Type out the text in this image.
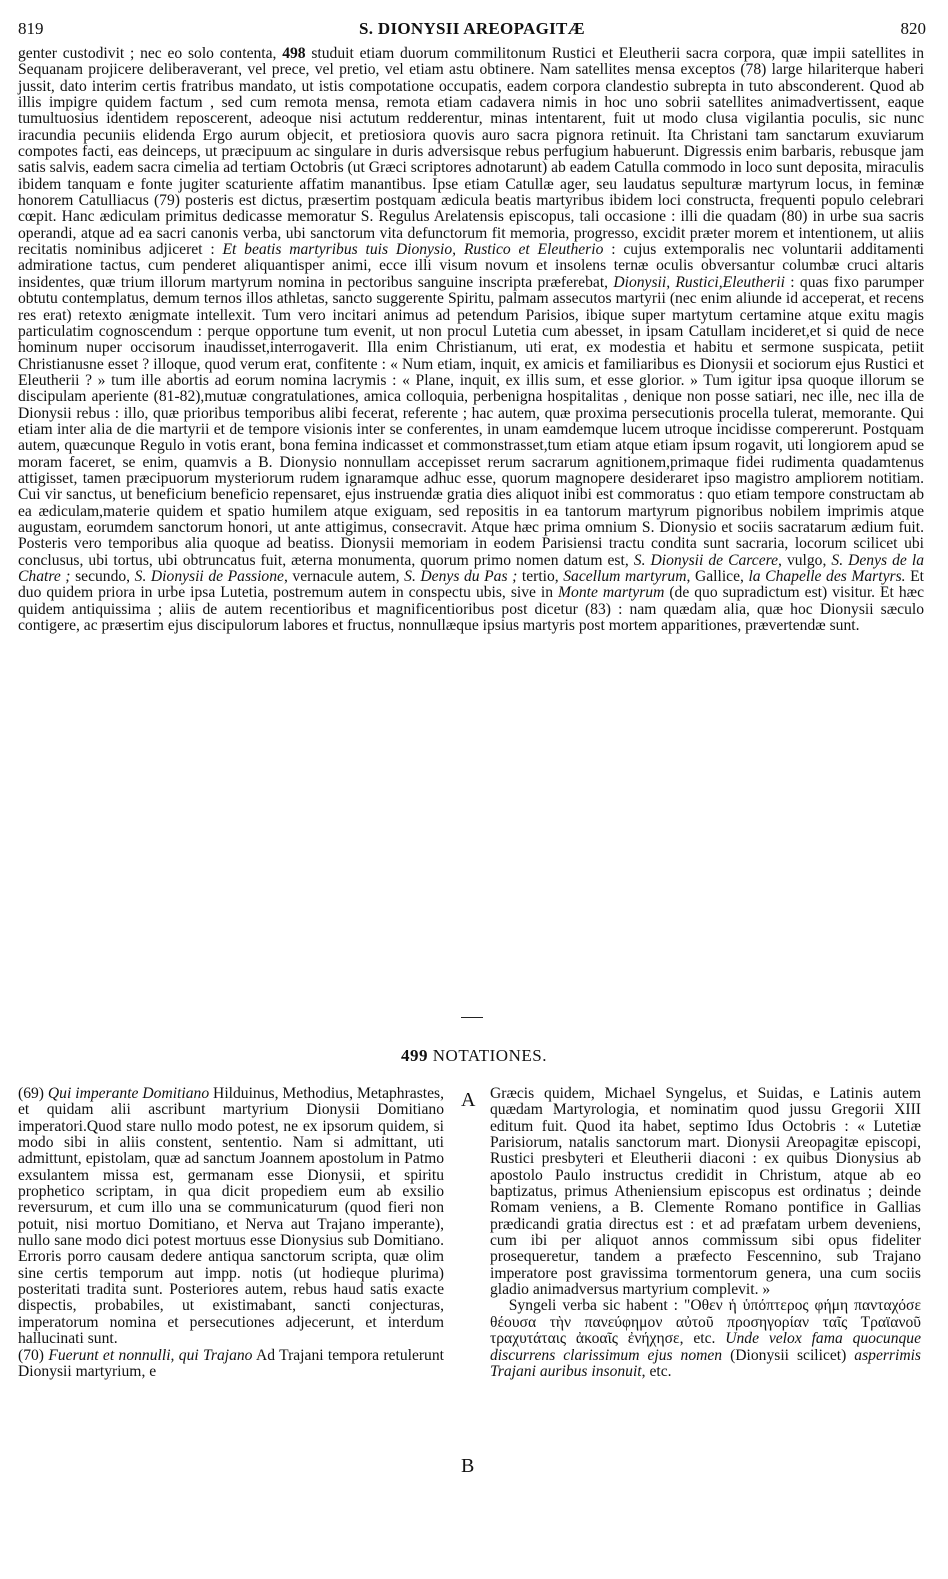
819	S. DIONYSII AREOPAGITÆ	820

genter custodivit ; nec eo solo contenta, 498 studuit etiam duorum commilitonum Rustici et Eleutherii sacra corpora, quæ impii satellites in Sequanam projicere deliberaverant, vel prece, vel pretio, vel etiam astu obtinere. Nam satellites mensa exceptos (78) large hilariterque haberi jussit, dato interim certis fratribus mandato, ut istis compotatione occupatis, eadem corpora clandestio subrepta in tuto absconderent. Quod ab illis impigre quidem factum , sed cum remota mensa, remota etiam cadavera nimis in hoc uno sobrii satellites animadvertissent, eaque tumultuosius identidem reposcerent, adeoque nisi actutum redderentur, minas intentarent, fuit ut modo clusa vigilantia poculis, sic nunc iracundia pecuniis elidenda Ergo aurum objecit, et pretiosiora quovis auro sacra pignora retinuit. Ita Christani tam sanctarum exuviarum compotes facti, eas deinceps, ut præcipuum ac singulare in duris adversisque rebus perfugium habuerunt. Digressis enim barbaris, rebusque jam satis salvis, eadem sacra cimelia ad tertiam Octobris (ut Græci scriptores adnotarunt) ab eadem Catulla commodo in loco sunt deposita, miraculis ibidem tanquam e fonte jugiter scaturiente affatim manantibus. Ipse etiam Catullæ ager, seu laudatus sepulturæ martyrum locus, in feminæ honorem Catulliacus (79) posteris est dictus, præsertim postquam ædicula beatis martyribus ibidem loci constructa, frequenti populo celebrari cœpit. Hanc ædiculam primitus dedicasse memoratur S. Regulus Arelatensis episcopus, tali occasione : illi die quadam (80) in urbe sua sacris operandi, atque ad ea sacri canonis verba, ubi sanctorum vita defunctorum fit memoria, progresso, excidit præter morem et intentionem, ut aliis recitatis nominibus adjiceret : Et beatis martyribus tuis Dionysio, Rustico et Eleutherio : cujus extemporalis nec voluntarii additamenti admiratione tactus, cum penderet aliquantisper animi, ecce illi visum novum et insolens ternæ oculis obversantur columbæ cruci altaris insidentes, quæ trium illorum martyrum nomina in pectoribus sanguine inscripta præferebat, Dionysii, Rustici,Eleutherii : quas fixo parumper obtutu contemplatus, demum ternos illos athletas, sancto suggerente Spiritu, palmam assecutos martyrii (nec enim aliunde id acceperat, et recens res erat) retexto ænigmate intellexit. Tum vero incitari animus ad petendum Parisios, ibique super martytum certamine atque exitu magis particulatim cognoscendum : perque opportune tum evenit, ut non procul Lutetia cum abesset, in ipsam Catullam incideret,et si quid de nece hominum nuper occisorum inaudisset,interrogaverit. Illa enim Christianum, uti erat, ex modestia et habitu et sermone suspicata, petiit Christianusne esset ? illoque, quod verum erat, confitente : « Num etiam, inquit, ex amicis et familiaribus es Dionysii et sociorum ejus Rustici et Eleutherii ? » tum ille abortis ad eorum nomina lacrymis : « Plane, inquit, ex illis sum, et esse glorior. » Tum igitur ipsa quoque illorum se discipulam aperiente (81-82),mutuæ congratulationes, amica colloquia, perbenigna hospitalitas , denique non posse satiari, nec ille, nec illa de Dionysii rebus : illo, quæ prioribus temporibus alibi fecerat, referente ; hac autem, quæ proxima persecutionis procella tulerat, memorante. Qui etiam inter alia de die martyrii et de tempore visionis inter se conferentes, in unam eamdemque lucem utroque incidisse compererunt. Postquam autem, quæcunque Regulo in votis erant, bona femina indicasset et commonstrasset,tum etiam atque etiam ipsum rogavit, uti longiorem apud se moram faceret, se enim, quamvis a B. Dionysio nonnullam accepisset rerum sacrarum agnitionem,primaque fidei rudimenta quadamtenus attigisset, tamen præcipuorum mysteriorum rudem ignaramque adhuc esse, quorum magnopere desideraret ipso magistro ampliorem notitiam. Cui vir sanctus, ut beneficium beneficio repensaret, ejus instruendæ gratia dies aliquot inibi est commoratus : quo etiam tempore constructam ab ea ædiculam,materie quidem et spatio humilem atque exiguam, sed repositis in ea tantorum martyrum pignoribus nobilem imprimis atque augustam, eorumdem sanctorum honori, ut ante attigimus, consecravit. Atque hæc prima omnium S. Dionysio et sociis sacratarum ædium fuit. Posteris vero temporibus alia quoque ad beatiss. Dionysii memoriam in eodem Parisiensi tractu condita sunt sacraria, locorum scilicet ubi conclusus, ubi tortus, ubi obtruncatus fuit, æterna monumenta, quorum primo nomen datum est, S. Dionysii de Carcere, vulgo, S. Denys de la Chatre ; secundo, S. Dionysii de Passione, vernacule autem, S. Denys du Pas ; tertio, Sacellum martyrum, Gallice, la Chapelle des Martyrs. Et duo quidem priora in urbe ipsa Lutetia, postremum autem in conspectu ubis, sive in Monte martyrum (de quo supradictum est) visitur. Et hæc quidem antiquissima ; aliis de autem recentioribus et magnificentioribus post dicetur (83) : nam quædam alia, quæ hoc Dionysii sæculo contigere, ac præsertim ejus discipulorum labores et fructus, nonnullæque ipsius martyris post mortem apparitiones, prævertendæ sunt.

499 NOTATIONES.

(69) Qui imperante Domitiano Hilduinus, Methodius, Metaphrastes, et quidam alii ascribunt martyrium Dionysii Domitiano imperatori.Quod stare nullo modo potest, ne ex ipsorum quidem, si modo sibi in aliis constent, sententio. Nam si admittant, uti admittunt, epistolam, quæ ad sanctum Joannem apostolum in Patmo exsulantem missa est, germanam esse Dionysii, et spiritu prophetico scriptam, in qua dicit propediem eum ab exsilio reversurum, et cum illo una se communicaturum (quod fieri non potuit, nisi mortuo Domitiano, et Nerva aut Trajano imperante), nullo sane modo dici potest mortuus esse Dionysius sub Domitiano. Erroris porro causam dedere antiqua sanctorum scripta, quæ olim sine certis temporum aut impp. notis (ut hodieque plurima) posteritati tradita sunt. Posteriores autem, rebus haud satis exacte dispectis, probabiles, ut existimabant, sancti conjecturas, imperatorum nomina et persecutiones adjecerunt, et interdum hallucinati sunt.

(70) Fuerunt et nonnulli, qui Trajano Ad Trajani tempora retulerunt Dionysii martyrium, e

A
B

Græcis quidem, Michael Syngelus, et Suidas, e Latinis autem quædam Martyrologia, et nominatim quod jussu Gregorii XIII editum fuit. Quod ita habet, septimo Idus Octobris : « Lutetiæ Parisiorum, natalis sanctorum mart. Dionysii Areopagitæ episcopi, Rustici presbyteri et Eleutherii diaconi : ex quibus Dionysius ab apostolo Paulo instructus credidit in Christum, atque ab eo baptizatus, primus Atheniensium episcopus est ordinatus ; deinde Romam veniens, a B. Clemente Romano pontifice in Gallias prædicandi gratia directus est : et ad præfatam urbem deveniens, cum ibi per aliquot annos commissum sibi opus fideliter prosequeretur, tandem a præfecto Fescennino, sub Trajano imperatore post gravissima tormentorum genera, una cum sociis gladio animadversus martyrium complevit. »

Syngeli verba sic habent : "Οθεν ἡ ὑπόπτερος φήμη πανταχόσε θέουσα τὴν πανεύφημον αὐτοῦ προσηγορίαν ταῖς Τραϊανοῦ τραχυτάταις ἀκοαῖς ἐνήχησε, etc. Unde velox fama quocunque discurrens clarissimum ejus nomen (Dionysii scilicet) asperrimis Trajani auribus insonuit, etc.
